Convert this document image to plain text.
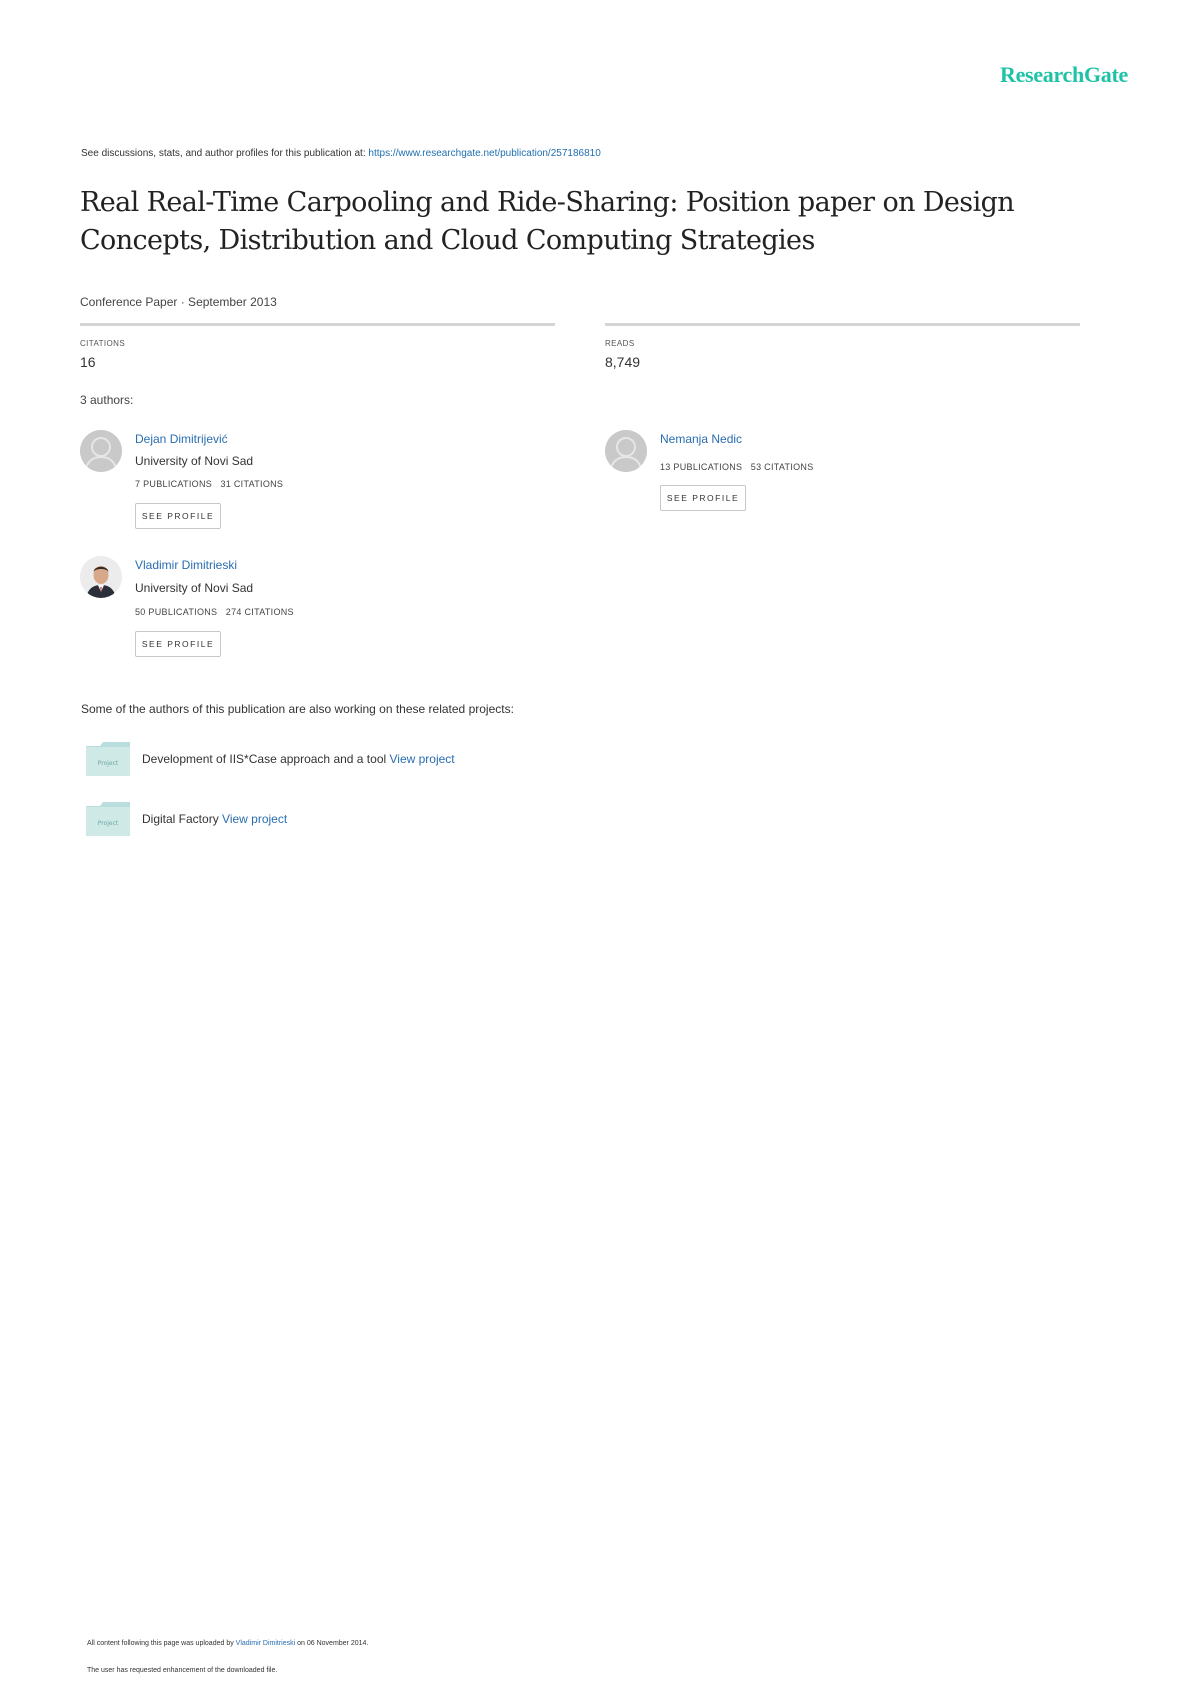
ResearchGate
See discussions, stats, and author profiles for this publication at: https://www.researchgate.net/publication/257186810
Real Real-Time Carpooling and Ride-Sharing: Position paper on Design Concepts, Distribution and Cloud Computing Strategies
Conference Paper · September 2013
CITATIONS
16
READS
8,749
3 authors:
Dejan Dimitrijević
University of Novi Sad
7 PUBLICATIONS   31 CITATIONS
SEE PROFILE
Nemanja Nedic
13 PUBLICATIONS   53 CITATIONS
SEE PROFILE
Vladimir Dimitrieski
University of Novi Sad
50 PUBLICATIONS   274 CITATIONS
SEE PROFILE
Some of the authors of this publication are also working on these related projects:
Project Development of IIS*Case approach and a tool View project
Project Digital Factory View project
All content following this page was uploaded by Vladimir Dimitrieski on 06 November 2014.
The user has requested enhancement of the downloaded file.
